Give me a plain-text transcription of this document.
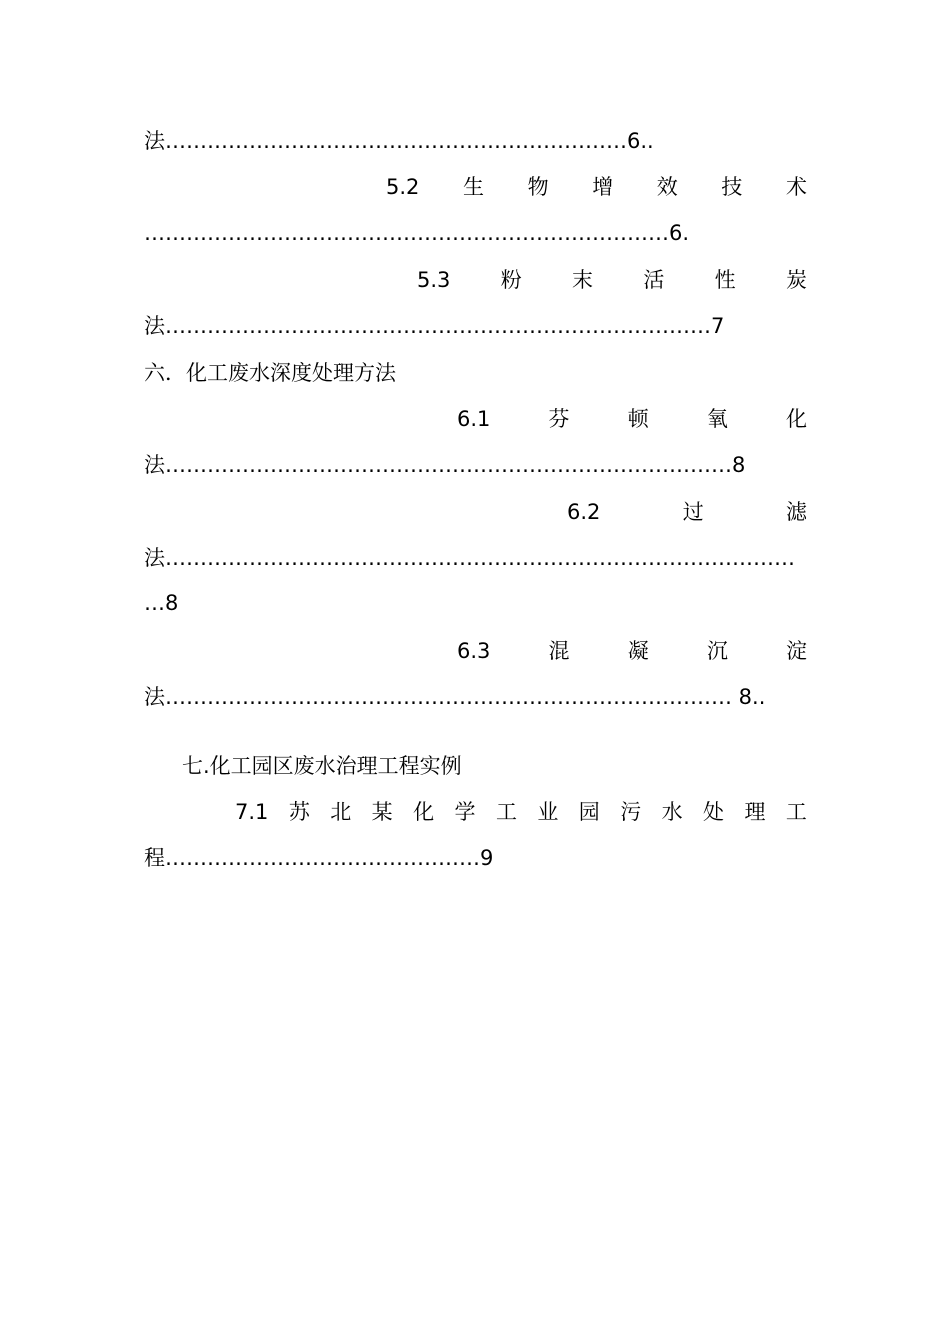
法…………………………………………………………6..
5.2 生 物 增 效 技 术
…………………………………………………………………6.
5.3 粉 末 活 性 炭
法……………………………………………………………………7
六．化工废水深度处理方法
6.1	芬	顿	氧	化
法………………………………………………………………………8
6.2	过	滤
法………………………………………………………………………………
…8
6.3	混	凝	沉	淀
法……………………………………………………………………… 8..
七.化工园区废水治理工程实例
7.1 苏 北 某 化 学 工 业 园 污 水 处 理 工
程………………………………………9
